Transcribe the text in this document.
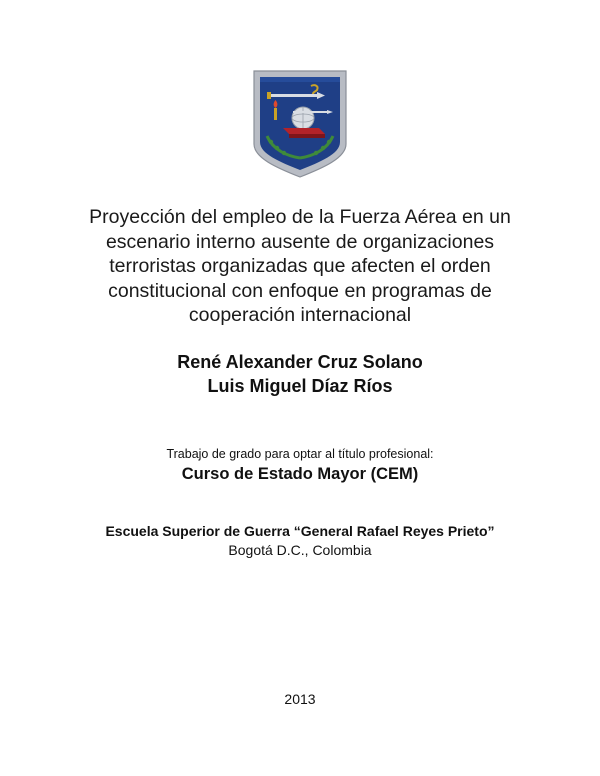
Proyección del empleo de la Fuerza Aérea en un
escenario interno ausente de organizaciones
terroristas organizadas que afecten el orden
constitucional con enfoque en programas de
cooperación internacional
René Alexander Cruz Solano
Luis Miguel Díaz Ríos
Trabajo de grado para optar al título profesional:
Curso de Estado Mayor (CEM)
Escuela Superior de Guerra “General Rafael Reyes Prieto”
Bogotá D.C., Colombia
2013
